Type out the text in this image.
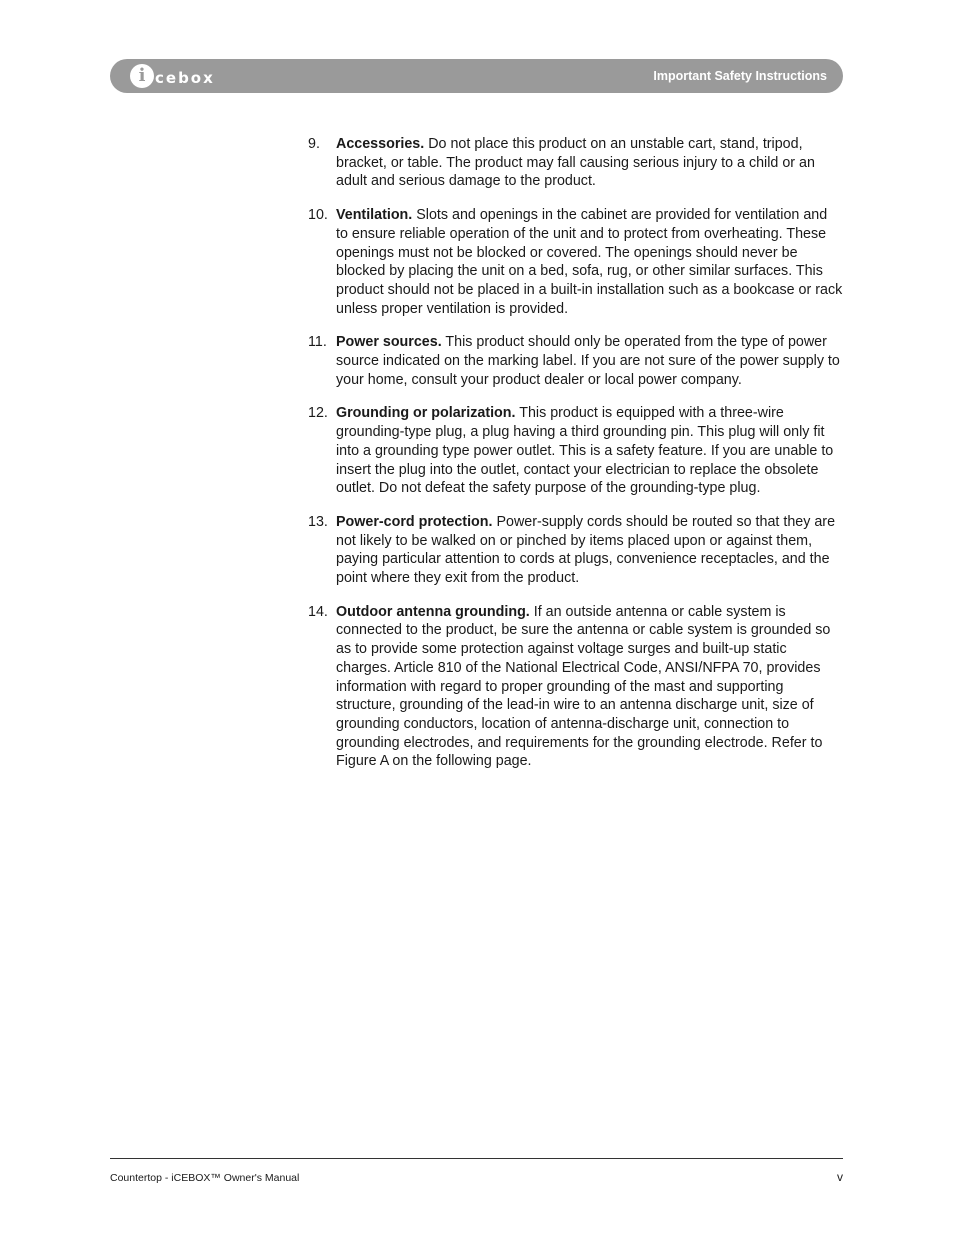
i cebox	Important Safety Instructions
9.	Accessories. Do not place this product on an unstable cart, stand, tripod, bracket, or table. The product may fall causing serious injury to a child or an adult and serious damage to the product.
10. Ventilation. Slots and openings in the cabinet are provided for ventilation and to ensure reliable operation of the unit and to protect from overheating. These openings must not be blocked or covered. The openings should never be blocked by placing the unit on a bed, sofa, rug, or other similar surfaces. This product should not be placed in a built-in installation such as a bookcase or rack unless proper ventilation is provided.
11. Power sources. This product should only be operated from the type of power source indicated on the marking label. If you are not sure of the power supply to your home, consult your product dealer or local power company.
12. Grounding or polarization. This product is equipped with a three-wire grounding-type plug, a plug having a third grounding pin. This plug will only fit into a grounding type power outlet. This is a safety feature. If you are unable to insert the plug into the outlet, contact your electrician to replace the obsolete outlet. Do not defeat the safety purpose of the grounding-type plug.
13. Power-cord protection. Power-supply cords should be routed so that they are not likely to be walked on or pinched by items placed upon or against them, paying particular attention to cords at plugs, convenience receptacles, and the point where they exit from the product.
14. Outdoor antenna grounding. If an outside antenna or cable system is connected to the product, be sure the antenna or cable system is grounded so as to provide some protection against voltage surges and built-up static charges. Article 810 of the National Electrical Code, ANSI/NFPA 70, provides information with regard to proper grounding of the mast and supporting structure, grounding of the lead-in wire to an antenna discharge unit, size of grounding conductors, location of antenna-discharge unit, connection to grounding electrodes, and requirements for the grounding electrode. Refer to Figure A on the following page.
Countertop - iCEBOX™ Owner's Manual	v
